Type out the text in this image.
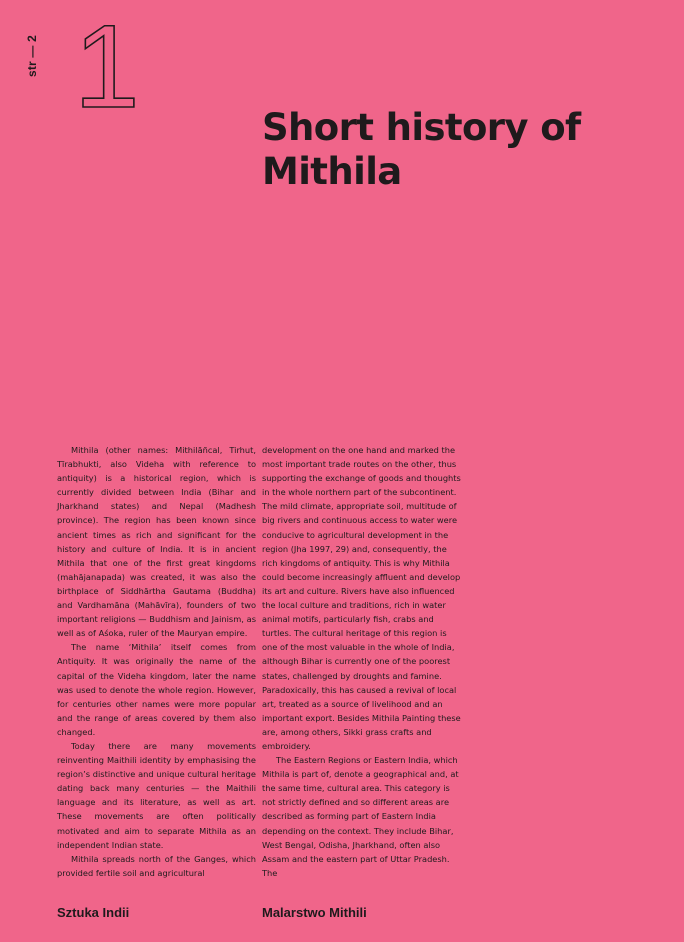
str — 2 1	Short history of Mithila

Mithila (other names: Mithilāñcal, Tirhut, Tīrabhukti, also Videha with reference to antiquity) is a historical region, which is currently divided between India (Bihar and Jharkhand states) and Nepal (Madhesh province). The region has been known since ancient times as rich and significant for the history and culture of India. It is in ancient Mithila that one of the first great kingdoms (mahājanapada) was created, it was also the birthplace of Siddhārtha Gautama (Buddha) and Vardhamāna (Mahāvīra), founders of two important religions — Buddhism and Jainism, as well as of Aśoka, ruler of the Mauryan empire.

The name ‘Mithila’ itself comes from Antiquity. It was originally the name of the capital of the Videha kingdom, later the name was used to denote the whole region. However, for centuries other names were more popular and the range of areas covered by them also changed.

Today there are many movements reinventing Maithili identity by emphasising the region’s distinctive and unique cultural heritage dating back many centuries — the Maithili language and its literature, as well as art. These movements are often politically motivated and aim to separate Mithila as an independent Indian state.

Mithila spreads north of the Ganges, which provided fertile soil and agricultural

development on the one hand and marked the most important trade routes on the other, thus supporting the exchange of goods and thoughts in the whole northern part of the subcontinent. The mild climate, appropriate soil, multitude of big rivers and continuous access to water were conducive to agricultural development in the region (Jha 1997, 29) and, consequently, the rich kingdoms of antiquity. This is why Mithila could become increasingly affluent and develop its art and culture. Rivers have also influenced the local culture and traditions, rich in water animal motifs, particularly fish, crabs and turtles. The cultural heritage of this region is one of the most valuable in the whole of India, although Bihar is currently one of the poorest states, challenged by droughts and famine. Paradoxically, this has caused a revival of local art, treated as a source of livelihood and an important export. Besides Mithila Painting these are, among others, Sikki grass crafts and embroidery.

The Eastern Regions or Eastern India, which Mithila is part of, denote a geographical and, at the same time, cultural area. This category is not strictly defined and so different areas are described as forming part of Eastern India depending on the context. They include Bihar, West Bengal, Odisha, Jharkhand, often also Assam and the eastern part of Uttar Pradesh. The

Sztuka Indii	Malarstwo Mithili
